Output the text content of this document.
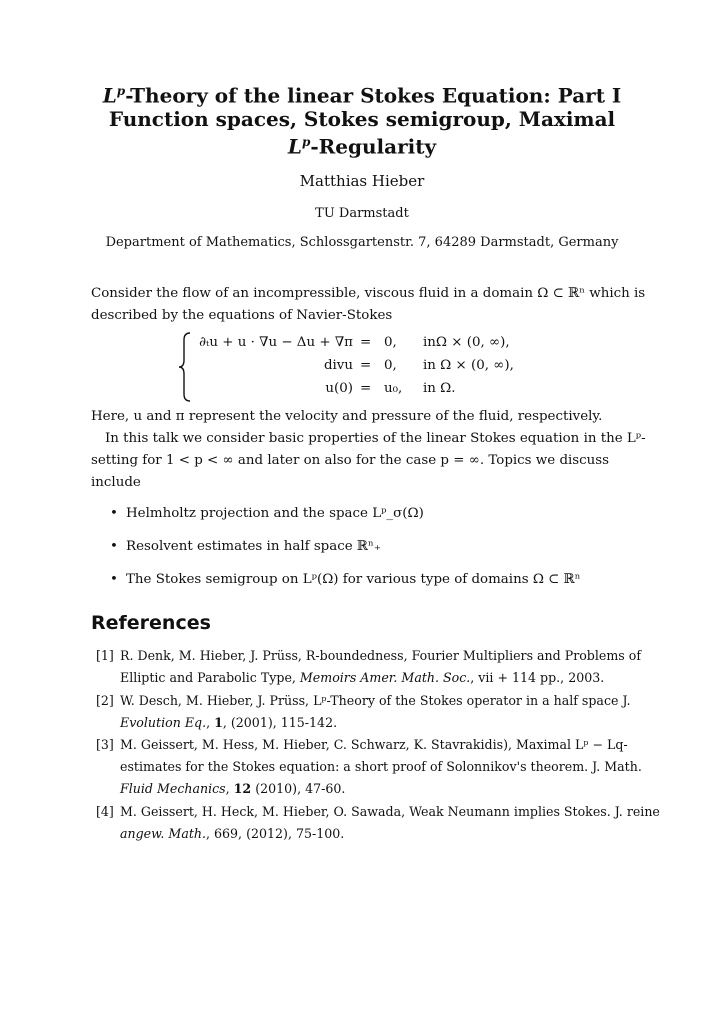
$L^p$-Theory of the linear Stokes Equation: Part I
Function spaces, Stokes semigroup, Maximal
$L^p$-Regularity
Matthias Hieber
TU Darmstadt
Department of Mathematics, Schlossgartenstr. 7, 64289 Darmstadt, Germany
Consider the flow of an incompressible, viscous fluid in a domain Ω ⊂ ℝⁿ which is
described by the equations of Navier-Stokes
∂ₜu + u · ∇u − Δu + ∇π = 0, inΩ × (0, ∞),
divu = 0, in Ω × (0, ∞),
u(0) = u₀, in Ω.
Here, u and π represent the velocity and pressure of the fluid, respectively.
In this talk we consider basic properties of the linear Stokes equation in the Lᵖ-
setting for 1 < p < ∞ and later on also for the case p = ∞. Topics we discuss
include
• Helmholtz projection and the space Lᵖ_σ(Ω)
• Resolvent estimates in half space ℝⁿ₊
• The Stokes semigroup on Lᵖ(Ω) for various type of domains Ω ⊂ ℝⁿ
References
[1] R. Denk, M. Hieber, J. Prüss, R-boundedness, Fourier Multipliers and Problems of
Elliptic and Parabolic Type, Memoirs Amer. Math. Soc., vii + 114 pp., 2003.
[2] W. Desch, M. Hieber, J. Prüss, Lᵖ-Theory of the Stokes operator in a half space J.
Evolution Eq., 1, (2001), 115-142.
[3] M. Geissert, M. Hess, M. Hieber, C. Schwarz, K. Stavrakidis), Maximal Lᵖ − Lq-
estimates for the Stokes equation: a short proof of Solonnikov's theorem. J. Math.
Fluid Mechanics, 12 (2010), 47-60.
[4] M. Geissert, H. Heck, M. Hieber, O. Sawada, Weak Neumann implies Stokes. J. reine
angew. Math., 669, (2012), 75-100.
